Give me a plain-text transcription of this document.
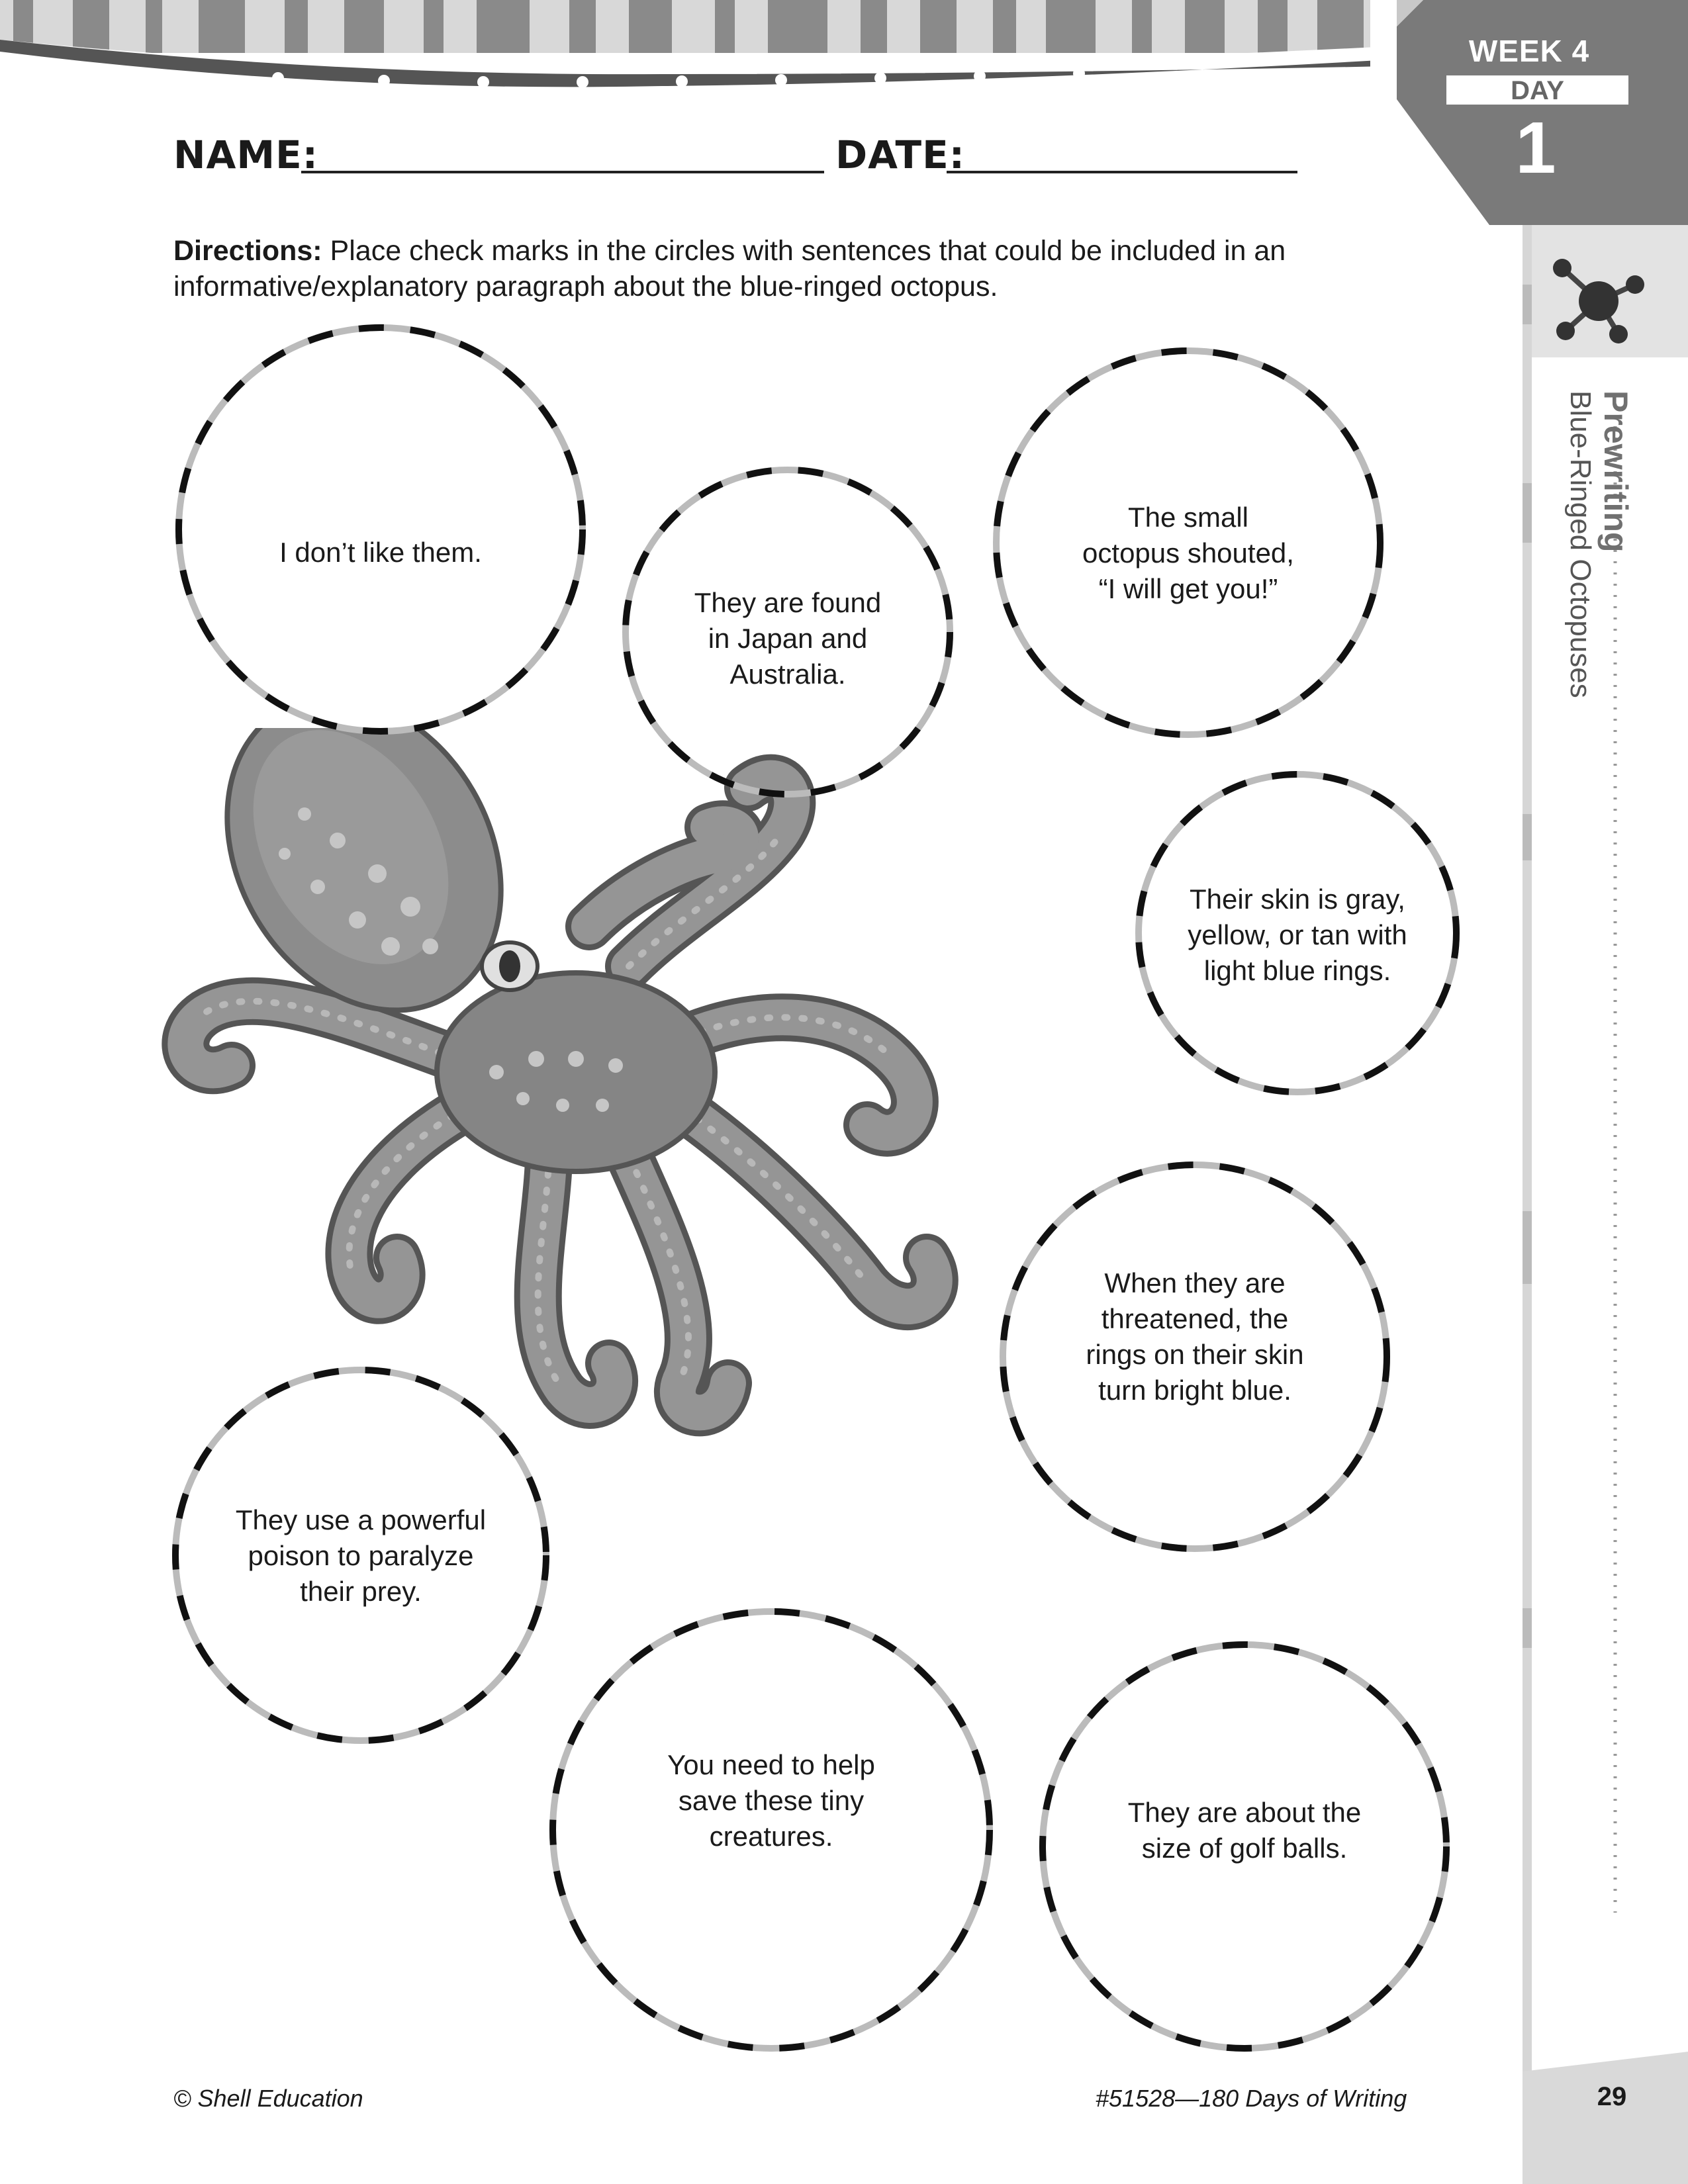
WEEK 4
DAY
1
Prewriting
Blue-Ringed Octopuses
NAME:	DATE:
Directions: Place check marks in the circles with sentences that could be included in an informative/explanatory paragraph about the blue-ringed octopus.
I don’t like them.
They are found in Japan and Australia.
The small octopus shouted, “I will get you!”
Their skin is gray, yellow, or tan with light blue rings.
When they are threatened, the rings on their skin turn bright blue.
They use a powerful poison to paralyze their prey.
You need to help save these tiny creatures.
They are about the size of golf balls.
© Shell Education	#51528—180 Days of Writing	29
